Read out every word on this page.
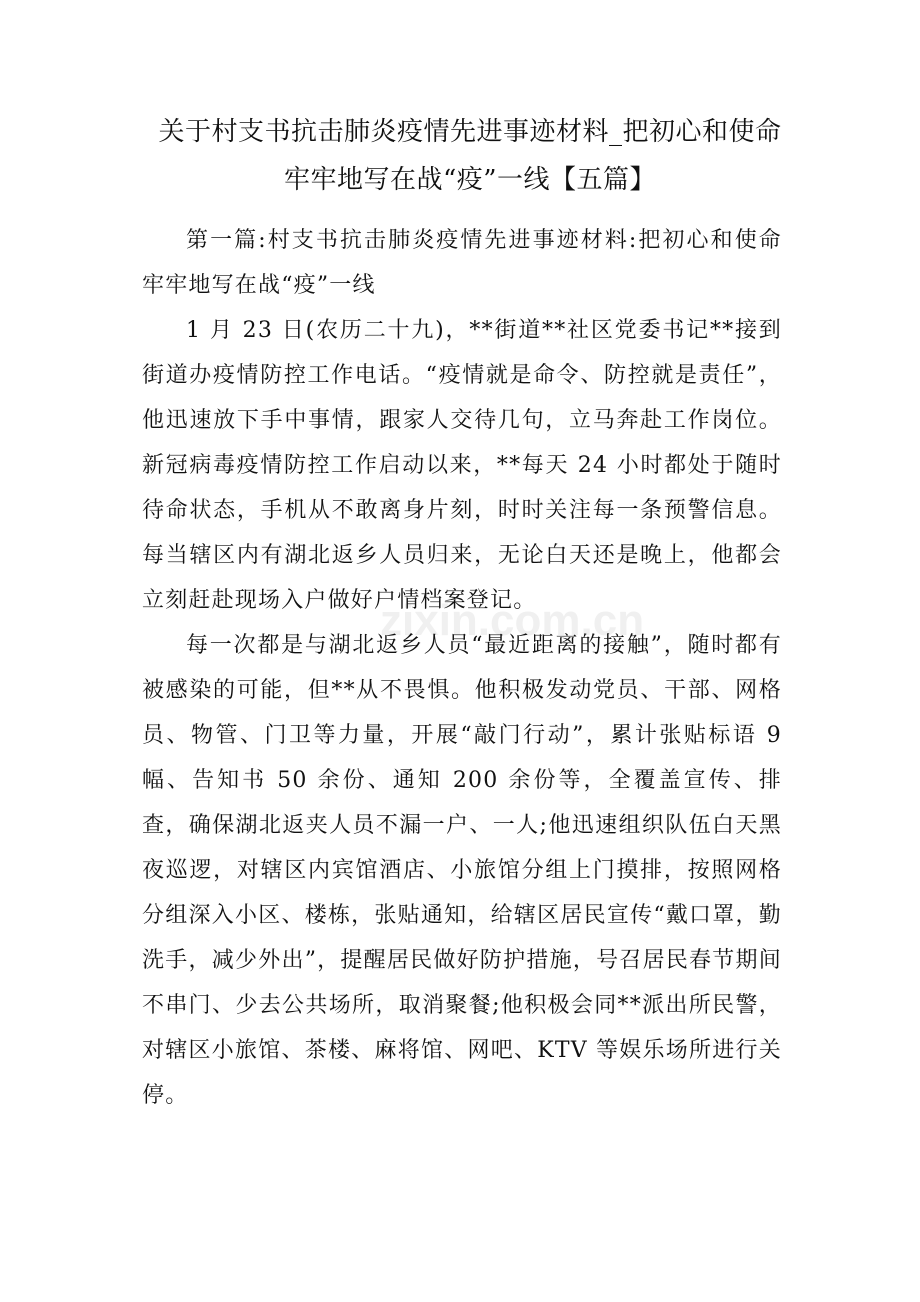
关于村支书抗击肺炎疫情先进事迹材料_把初心和使命
牢牢地写在战“疫”一线【五篇】
zixin.com.cn

第一篇:村支书抗击肺炎疫情先进事迹材料:把初心和使命牢牢地写在战“疫”一线

1 月 23 日(农历二十九)，**街道**社区党委书记**接到街道办疫情防控工作电话。“疫情就是命令、防控就是责任”，他迅速放下手中事情，跟家人交待几句，立马奔赴工作岗位。新冠病毒疫情防控工作启动以来，**每天 24 小时都处于随时待命状态，手机从不敢离身片刻，时时关注每一条预警信息。每当辖区内有湖北返乡人员归来，无论白天还是晚上，他都会立刻赶赴现场入户做好户情档案登记。

每一次都是与湖北返乡人员“最近距离的接触”，随时都有被感染的可能，但**从不畏惧。他积极发动党员、干部、网格员、物管、门卫等力量，开展“敲门行动”，累计张贴标语 9 幅、告知书 50 余份、通知 200 余份等，全覆盖宣传、排查，确保湖北返夹人员不漏一户、一人;他迅速组织队伍白天黑夜巡逻，对辖区内宾馆酒店、小旅馆分组上门摸排，按照网格分组深入小区、楼栋，张贴通知，给辖区居民宣传“戴口罩，勤洗手，减少外出”，提醒居民做好防护措施，号召居民春节期间不串门、少去公共场所，取消聚餐;他积极会同**派出所民警，对辖区小旅馆、茶楼、麻将馆、网吧、KTV 等娱乐场所进行关停。
